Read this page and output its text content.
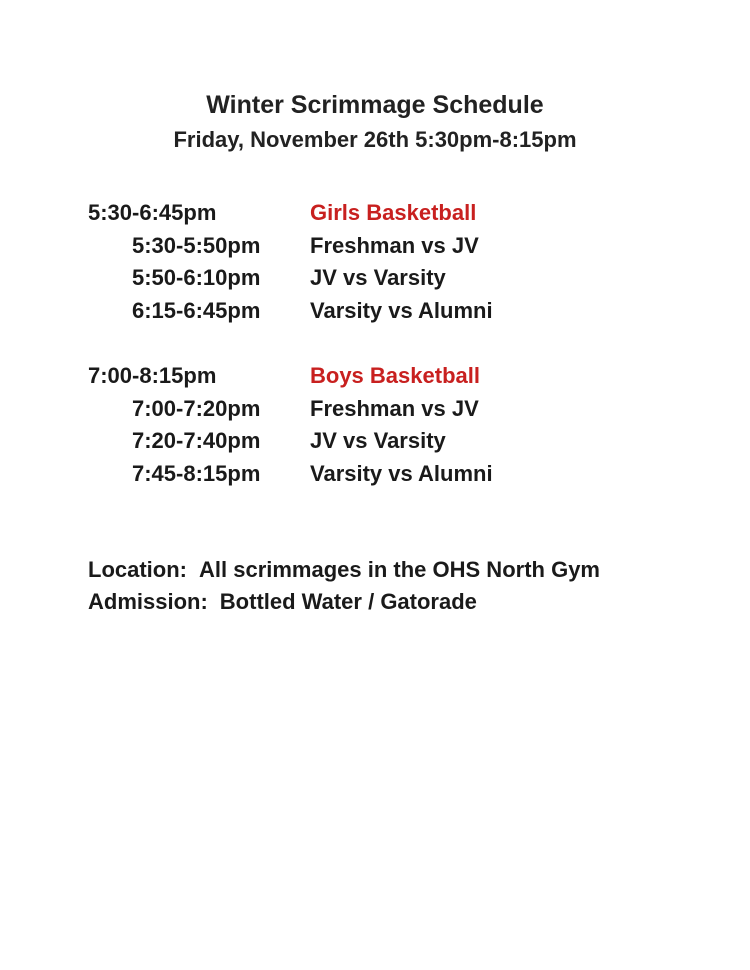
Winter Scrimmage Schedule
Friday, November 26th 5:30pm-8:15pm
5:30-6:45pm	Girls Basketball
5:30-5:50pm Freshman vs JV
5:50-6:10pm JV vs Varsity
6:15-6:45pm Varsity vs Alumni
7:00-8:15pm	Boys Basketball
7:00-7:20pm Freshman vs JV
7:20-7:40pm JV vs Varsity
7:45-8:15pm Varsity vs Alumni
Location: All scrimmages in the OHS North Gym
Admission: Bottled Water / Gatorade
